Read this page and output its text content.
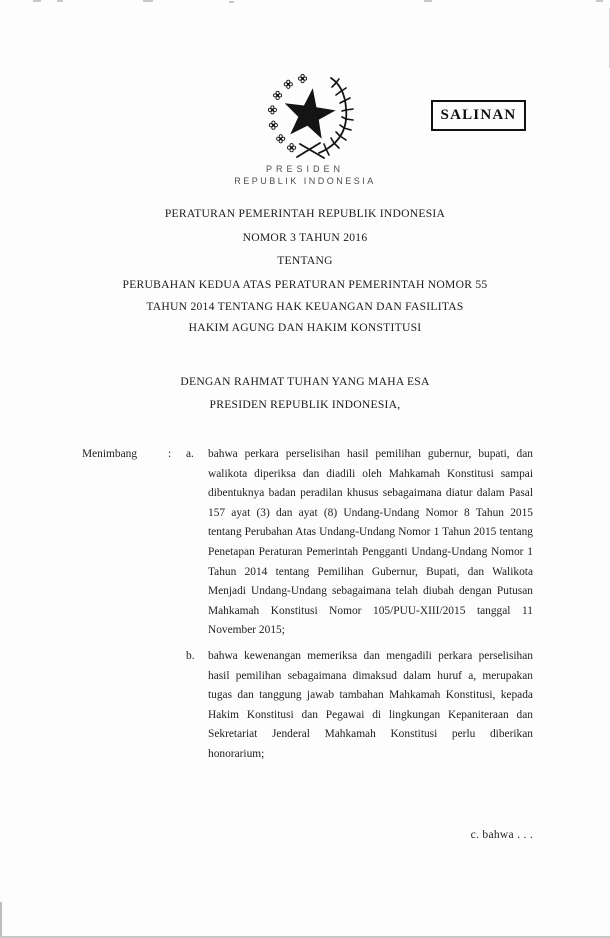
SALINAN
PRESIDEN
REPUBLIK INDONESIA
PERATURAN PEMERINTAH REPUBLIK INDONESIA
NOMOR 3 TAHUN 2016
TENTANG
PERUBAHAN KEDUA ATAS PERATURAN PEMERINTAH NOMOR 55
TAHUN 2014 TENTANG HAK KEUANGAN DAN FASILITAS
HAKIM AGUNG DAN HAKIM KONSTITUSI
DENGAN RAHMAT TUHAN YANG MAHA ESA
PRESIDEN REPUBLIK INDONESIA,
Menimbang	:	a.	bahwa perkara perselisihan hasil pemilihan gubernur, bupati, dan walikota diperiksa dan diadili oleh Mahkamah Konstitusi sampai dibentuknya badan peradilan khusus sebagaimana diatur dalam Pasal 157 ayat (3) dan ayat (8) Undang-Undang Nomor 8 Tahun 2015 tentang Perubahan Atas Undang-Undang Nomor 1 Tahun 2015 tentang Penetapan Peraturan Pemerintah Pengganti Undang-Undang Nomor 1 Tahun 2014 tentang Pemilihan Gubernur, Bupati, dan Walikota Menjadi Undang-Undang sebagaimana telah diubah dengan Putusan Mahkamah Konstitusi Nomor 105/PUU-XIII/2015 tanggal 11 November 2015;
b.	bahwa kewenangan memeriksa dan mengadili perkara perselisihan hasil pemilihan sebagaimana dimaksud dalam huruf a, merupakan tugas dan tanggung jawab tambahan Mahkamah Konstitusi, kepada Hakim Konstitusi dan Pegawai di lingkungan Kepaniteraan dan Sekretariat Jenderal Mahkamah Konstitusi perlu diberikan honorarium;
c. bahwa . . .
